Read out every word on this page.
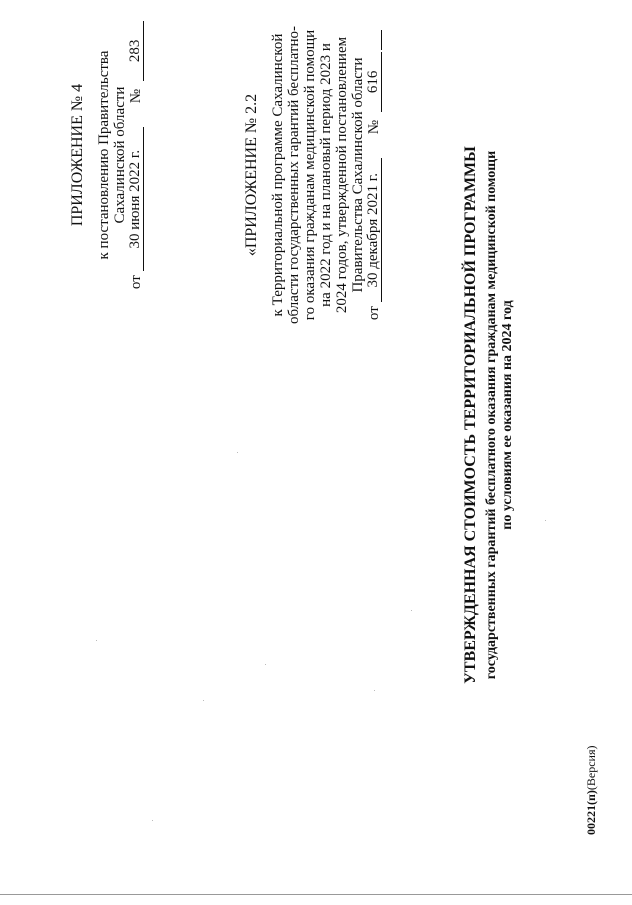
ПРИЛОЖЕНИЕ № 4 к постановлению Правительства Сахалинской области
от
30 июня 2022 г.
№
283
«ПРИЛОЖЕНИЕ № 2.2 к Территориальной программе Сахалинской области государственных гарантий бесплатно- го оказания гражданам медицинской помощи на 2022 год и на плановый период 2023 и 2024 годов, утвержденной постановлением Правительства Сахалинской области
от
30 декабря 2021 г.
№
616
УТВЕРЖДЕННАЯ СТОИМОСТЬ ТЕРРИТОРИАЛЬНОЙ ПРОГРАММЫ государственных гарантий бесплатного оказания гражданам медицинской помощи по условиям ее оказания на 2024 год
00221(п)(Версия)
